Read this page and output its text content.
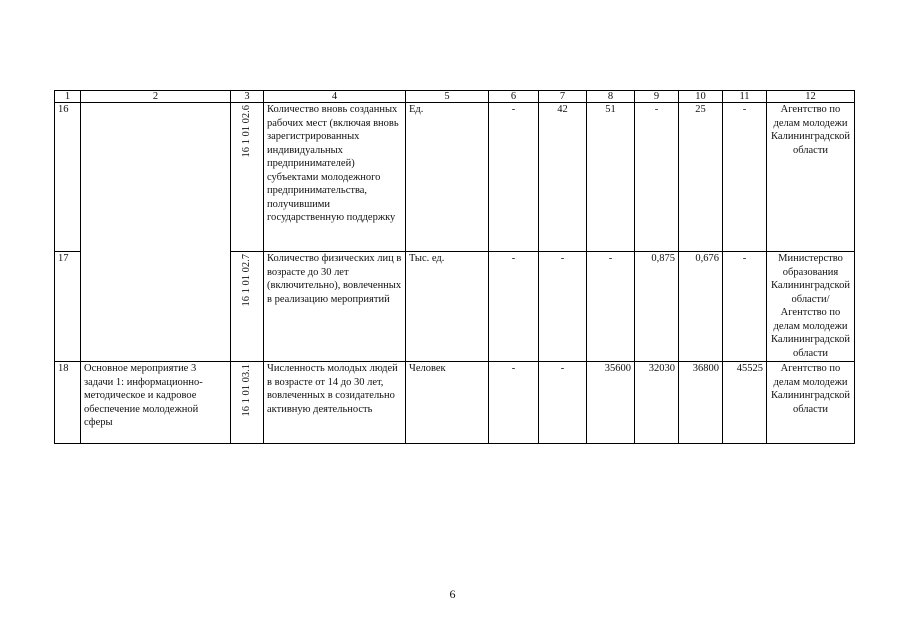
1	2	3	4	5	6	7	8	9	10	11	12
16		16 1 01 02.6	Количество вновь созданных рабочих мест (включая вновь зарегистрированных индивидуальных предпринимателей) субъектами молодежного предпринимательства, получившими государственную поддержку	Ед.	-	42	51	-	25	-	Агентство по делам молодежи Калининградской области
17		16 1 01 02.7	Количество физических лиц в возрасте до 30 лет (включительно), вовлеченных в реализацию мероприятий	Тыс. ед.	-	-	-	0,875	0,676	-	Министерство образования Калининградской области/ Агентство по делам молодежи Калининградской области
18	Основное мероприятие 3 задачи 1: информационно-методическое и кадровое обеспечение молодежной сферы	16 1 01 03.1	Численность молодых людей в возрасте от 14 до 30 лет, вовлеченных в созидательно активную деятельность	Человек	-	-	35600	32030	36800	45525	Агентство по делам молодежи Калининградской области
6
